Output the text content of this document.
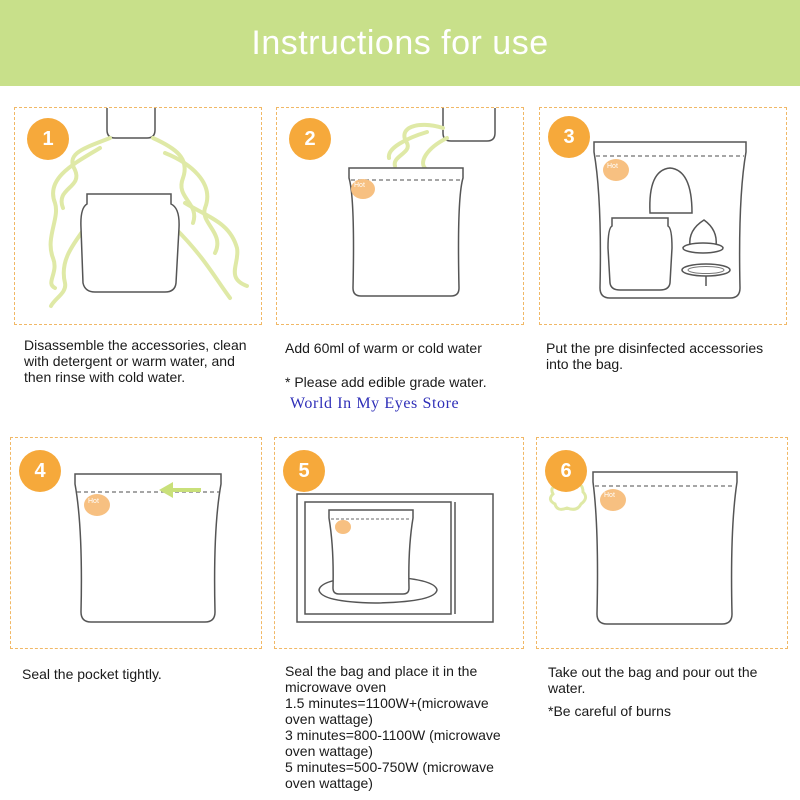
Instructions for use
1	2
Hot
3
Hot
Disassemble the accessories, clean
with detergent or warm water, and
then rinse with cold water.
Add 60ml of warm or cold water
* Please add edible grade water.
Put the pre disinfected accessories
into the bag.
World In My Eyes Store
4
Hot
5	6
Hot
Seal the pocket tightly.	Seal the bag and place it in the
microwave oven
1.5 minutes=1100W+(microwave
oven wattage)
3 minutes=800-1100W (microwave
oven wattage)
5 minutes=500-750W (microwave
oven wattage)
Take out the bag and pour out the
water.
*Be careful of burns
